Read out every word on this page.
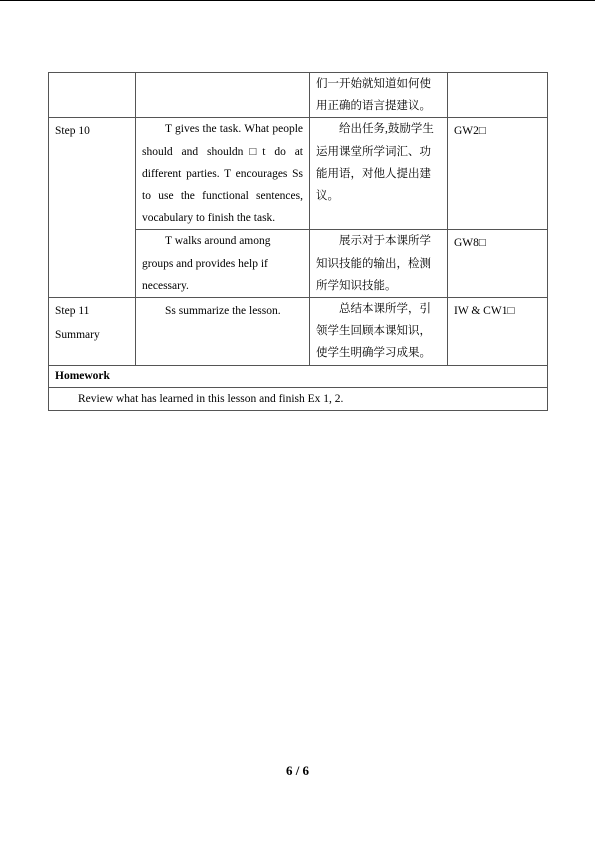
		们一开始就知道如何使用正确的语言提建议。	

Step 10	T gives the task. What people should and shouldn□t do at different parties. T encourages Ss to use the functional sentences, vocabulary to finish the task.	给出任务,鼓励学生运用课堂所学词汇、功能用语，对他人提出建议。	GW2□

	T walks around among groups and provides help if necessary.	展示对于本课所学知识技能的输出，检测所学知识技能。	GW8□

Step 11
Summary	Ss summarize the lesson.	总结本课所学，引领学生回顾本课知识，使学生明确学习成果。	IW & CW1□

Homework			

Review what has learned in this lesson and finish Ex 1, 2.			
6 / 6
